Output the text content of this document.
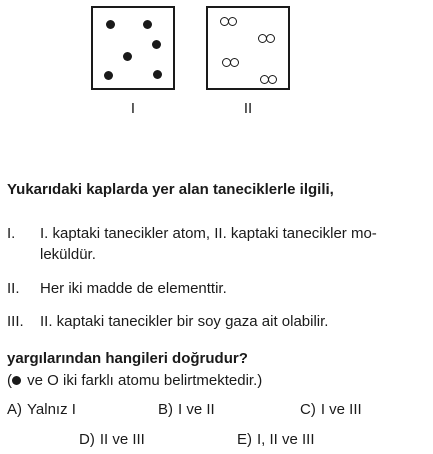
I	II
Yukarıdaki kaplarda yer alan taneciklerle ilgili,
I. I. kaptaki tanecikler atom, II. kaptaki tanecikler mo-
leküldür.
II. Her iki madde de elementtir.
III. II. kaptaki tanecikler bir soy gaza ait olabilir.
yargılarından hangileri doğrudur?
( ve O iki farklı atomu belirtmektedir.)
A) Yalnız I	B) I ve II	C) I ve III
D) II ve III	E) I, II ve III
